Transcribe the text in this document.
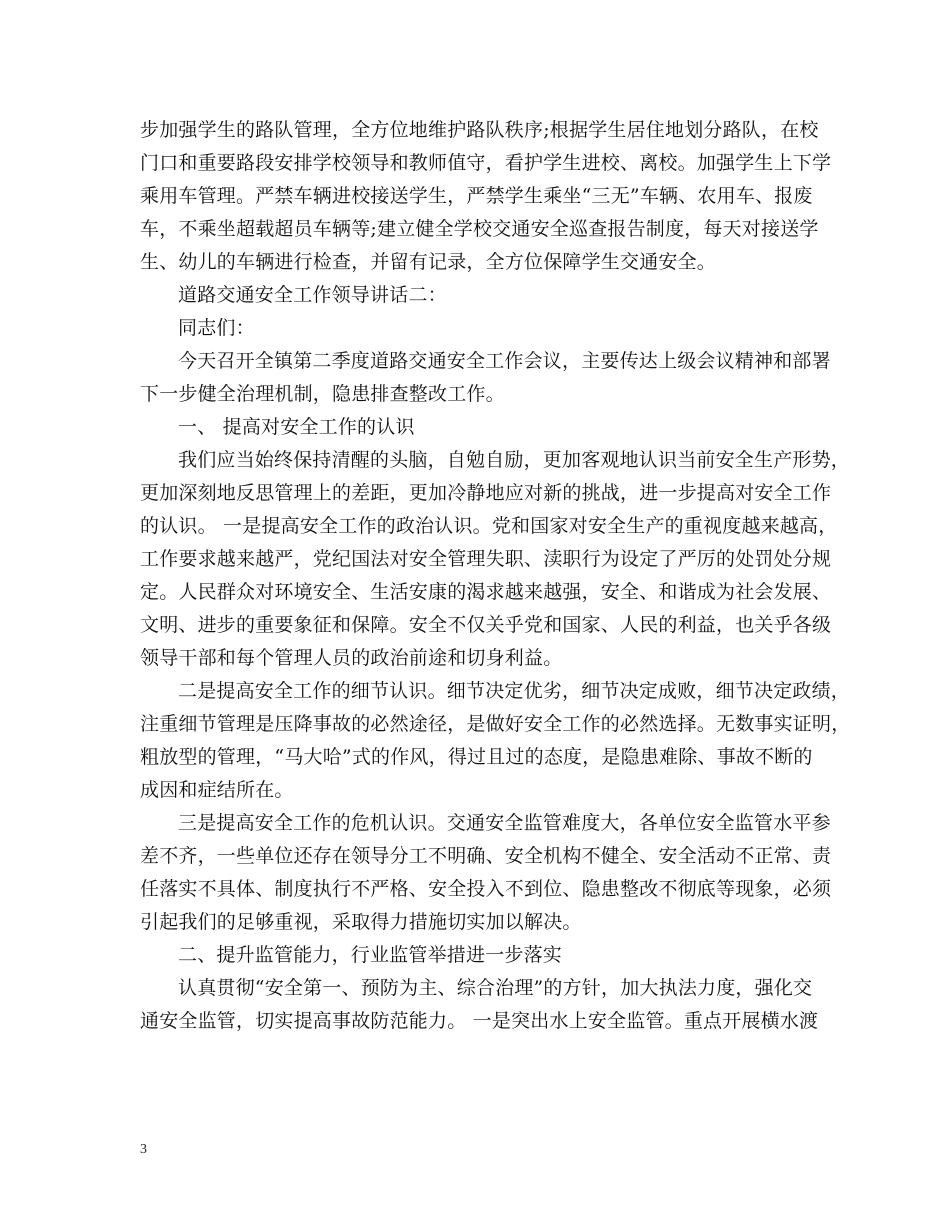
步加强学生的路队管理，全方位地维护路队秩序;根据学生居住地划分路队，在校
门口和重要路段安排学校领导和教师值守，看护学生进校、离校。加强学生上下学
乘用车管理。严禁车辆进校接送学生，严禁学生乘坐“三无”车辆、农用车、报废
车，不乘坐超载超员车辆等;建立健全学校交通安全巡查报告制度，每天对接送学
生、幼儿的车辆进行检查，并留有记录，全方位保障学生交通安全。
道路交通安全工作领导讲话二：
同志们：
今天召开全镇第二季度道路交通安全工作会议，主要传达上级会议精神和部署
下一步健全治理机制，隐患排查整改工作。
一、 提高对安全工作的认识
我们应当始终保持清醒的头脑，自勉自励，更加客观地认识当前安全生产形势，
更加深刻地反思管理上的差距，更加冷静地应对新的挑战，进一步提高对安全工作
的认识。 一是提高安全工作的政治认识。党和国家对安全生产的重视度越来越高，
工作要求越来越严，党纪国法对安全管理失职、渎职行为设定了严厉的处罚处分规
定。人民群众对环境安全、生活安康的渴求越来越强，安全、和谐成为社会发展、
文明、进步的重要象征和保障。安全不仅关乎党和国家、人民的利益，也关乎各级
领导干部和每个管理人员的政治前途和切身利益。
二是提高安全工作的细节认识。细节决定优劣，细节决定成败，细节决定政绩，
注重细节管理是压降事故的必然途径，是做好安全工作的必然选择。无数事实证明，
粗放型的管理，“马大哈”式的作风，得过且过的态度，是隐患难除、事故不断的
成因和症结所在。
三是提高安全工作的危机认识。交通安全监管难度大，各单位安全监管水平参
差不齐，一些单位还存在领导分工不明确、安全机构不健全、安全活动不正常、责
任落实不具体、制度执行不严格、安全投入不到位、隐患整改不彻底等现象，必须
引起我们的足够重视，采取得力措施切实加以解决。
二、提升监管能力，行业监管举措进一步落实
认真贯彻“安全第一、预防为主、综合治理”的方针，加大执法力度，强化交
通安全监管，切实提高事故防范能力。 一是突出水上安全监管。重点开展横水渡
3
